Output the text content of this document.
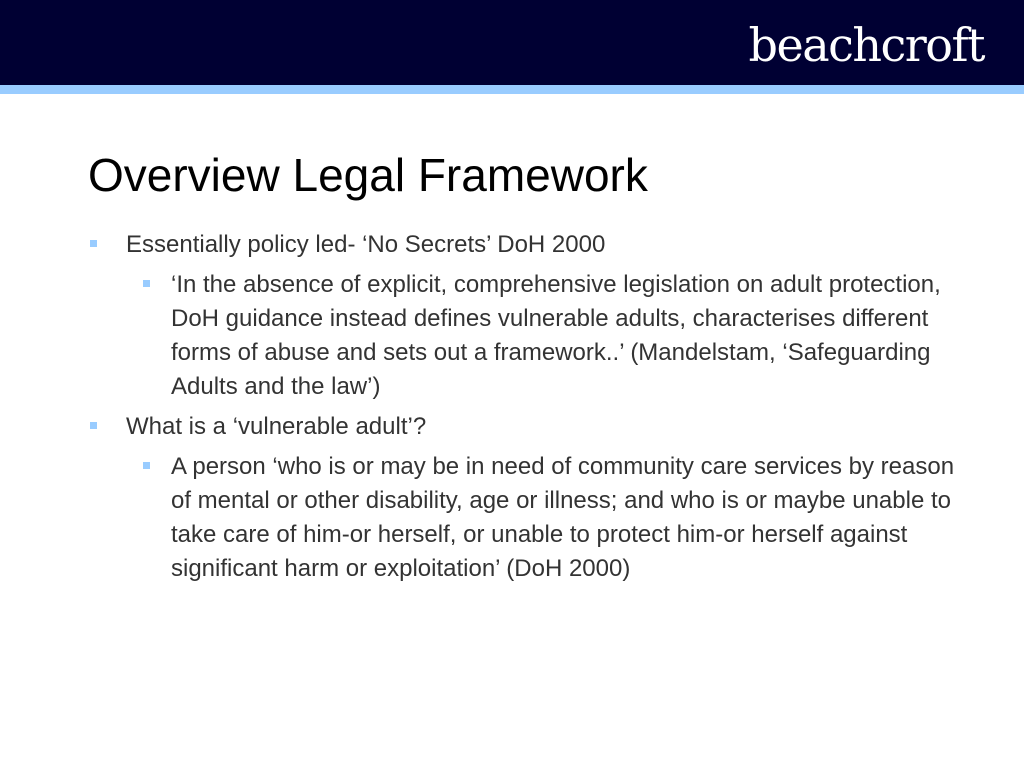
beachcroft
Overview Legal Framework
Essentially policy led- ‘No Secrets’ DoH 2000
‘In the absence of explicit, comprehensive legislation on adult protection, DoH guidance instead defines vulnerable adults, characterises different forms of abuse and sets out a framework..’ (Mandelstam, ‘Safeguarding Adults and the law’)
What is a ‘vulnerable adult’?
A person ‘who is or may be in need of community care services by reason of mental or other disability, age or illness; and who is or maybe unable to take care of him-or herself, or unable to protect him-or herself against significant harm or exploitation’ (DoH 2000)
